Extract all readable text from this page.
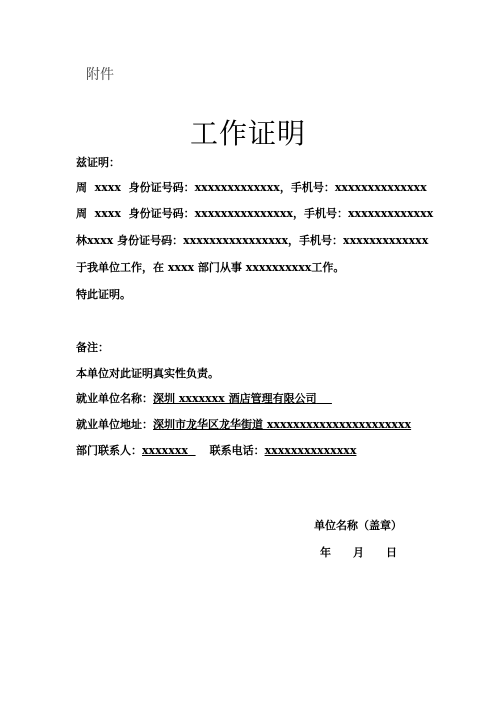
附件
工作证明
兹证明：
周 xxxx 身份证号码：xxxxxxxxxxxxx，手机号：xxxxxxxxxxxxxx
周 xxxx 身份证号码：xxxxxxxxxxxxxxx，手机号：xxxxxxxxxxxxx
林xxxx 身份证号码：xxxxxxxxxxxxxxxx，手机号：xxxxxxxxxxxxx
于我单位工作，在 xxxx 部门从事 xxxxxxxxxx工作。
特此证明。
备注：
本单位对此证明真实性负责。
就业单位名称：深圳 xxxxxxx 酒店管理有限公司
就业单位地址：深圳市龙华区龙华街道 xxxxxxxxxxxxxxxxxxxxxx
部门联系人：xxxxxxx 联系电话：xxxxxxxxxxxxxx
单位名称（盖章）
年 月 日
